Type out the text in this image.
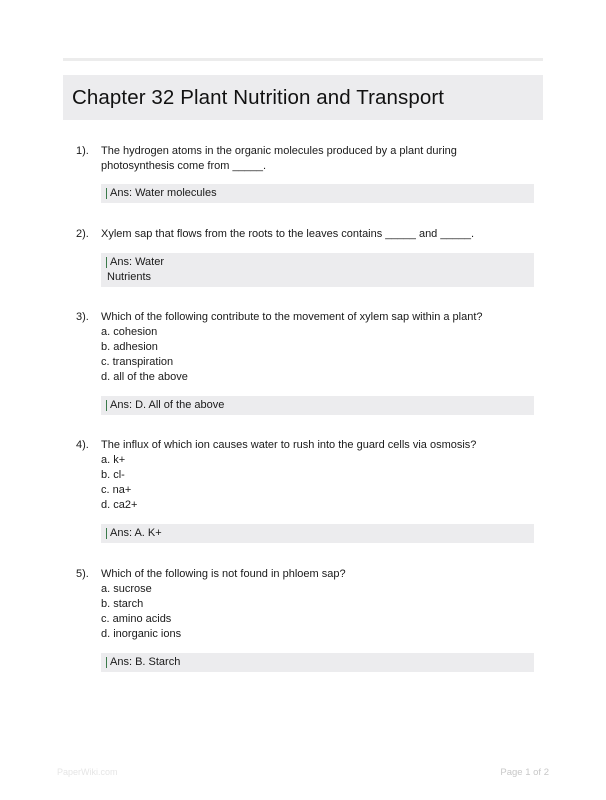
Chapter 32 Plant Nutrition and Transport
1). The hydrogen atoms in the organic molecules produced by a plant during photosynthesis come from _____.
Ans: Water molecules
2). Xylem sap that flows from the roots to the leaves contains _____ and _____.
Ans: Water
Nutrients
3). Which of the following contribute to the movement of xylem sap within a plant?
a. cohesion
b. adhesion
c. transpiration
d. all of the above
Ans: D. All of the above
4). The influx of which ion causes water to rush into the guard cells via osmosis?
a. k+
b. cl-
c. na+
d. ca2+
Ans: A. K+
5). Which of the following is not found in phloem sap?
a. sucrose
b. starch
c. amino acids
d. inorganic ions
Ans: B. Starch
PaperWiki.com	Page 1 of 2
